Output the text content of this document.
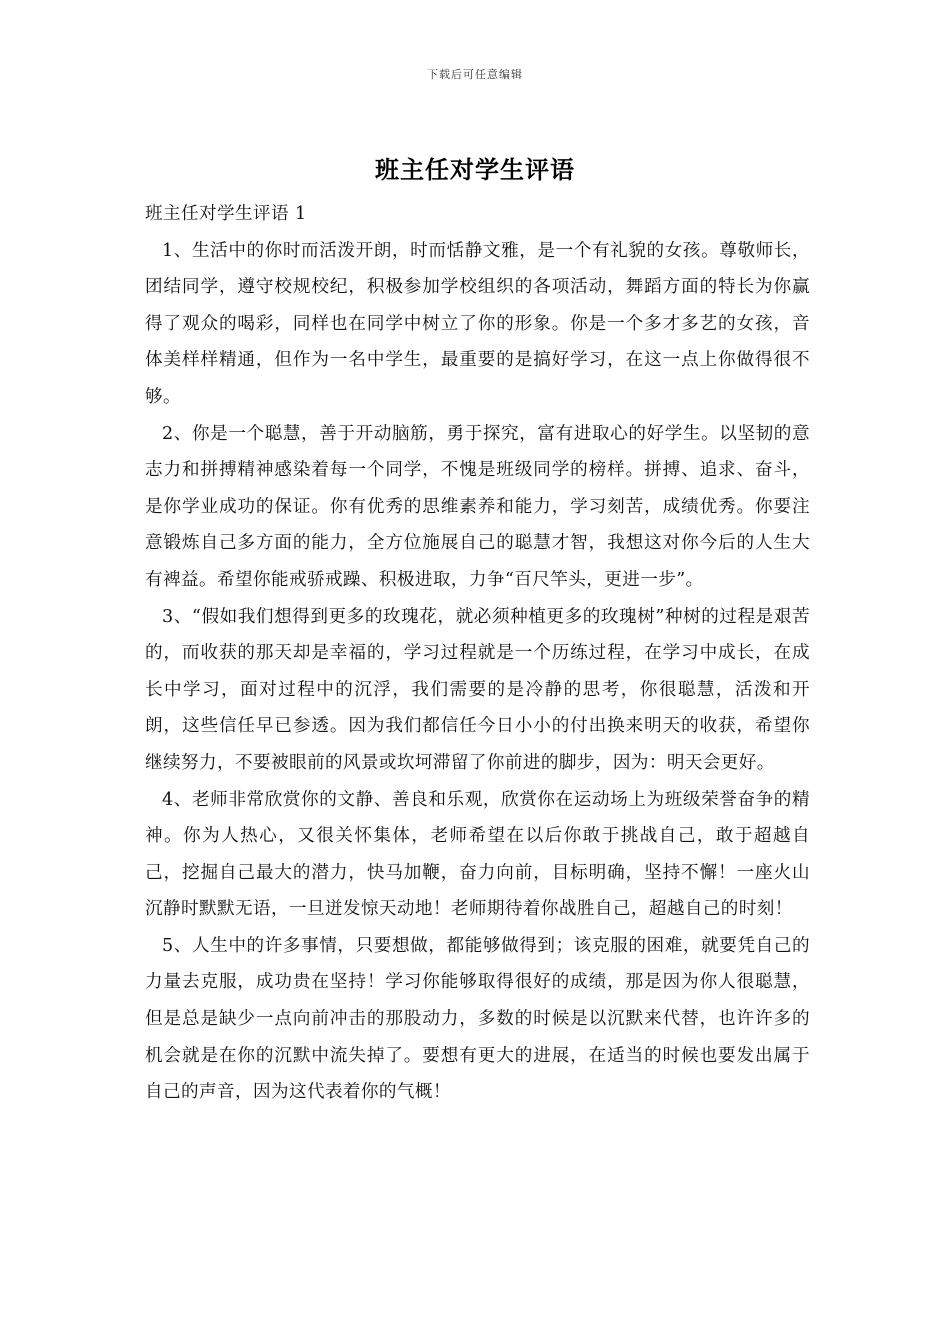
下载后可任意编辑
班主任对学生评语

班主任对学生评语 1

1、生活中的你时而活泼开朗，时而恬静文雅，是一个有礼貌的女孩。尊敬师长，团结同学，遵守校规校纪，积极参加学校组织的各项活动，舞蹈方面的特长为你赢得了观众的喝彩，同样也在同学中树立了你的形象。你是一个多才多艺的女孩，音体美样样精通，但作为一名中学生，最重要的是搞好学习，在这一点上你做得很不够。

2、你是一个聪慧，善于开动脑筋，勇于探究，富有进取心的好学生。以坚韧的意志力和拼搏精神感染着每一个同学，不愧是班级同学的榜样。拼搏、追求、奋斗，是你学业成功的保证。你有优秀的思维素养和能力，学习刻苦，成绩优秀。你要注意锻炼自己多方面的能力，全方位施展自己的聪慧才智，我想这对你今后的人生大有裨益。希望你能戒骄戒躁、积极进取，力争“百尺竿头，更进一步”。

3、“假如我们想得到更多的玫瑰花，就必须种植更多的玫瑰树”种树的过程是艰苦的，而收获的那天却是幸福的，学习过程就是一个历练过程，在学习中成长，在成长中学习，面对过程中的沉浮，我们需要的是冷静的思考，你很聪慧，活泼和开朗，这些信任早已参透。因为我们都信任今日小小的付出换来明天的收获，希望你继续努力，不要被眼前的风景或坎坷滞留了你前进的脚步，因为：明天会更好。

4、老师非常欣赏你的文静、善良和乐观，欣赏你在运动场上为班级荣誉奋争的精神。你为人热心，又很关怀集体，老师希望在以后你敢于挑战自己，敢于超越自己，挖掘自己最大的潜力，快马加鞭，奋力向前，目标明确，坚持不懈！一座火山沉静时默默无语，一旦迸发惊天动地！老师期待着你战胜自己，超越自己的时刻！

5、人生中的许多事情，只要想做，都能够做得到；该克服的困难，就要凭自己的力量去克服，成功贵在坚持！学习你能够取得很好的成绩，那是因为你人很聪慧，但是总是缺少一点向前冲击的那股动力，多数的时候是以沉默来代替，也许许多的机会就是在你的沉默中流失掉了。要想有更大的进展，在适当的时候也要发出属于自己的声音，因为这代表着你的气概！
